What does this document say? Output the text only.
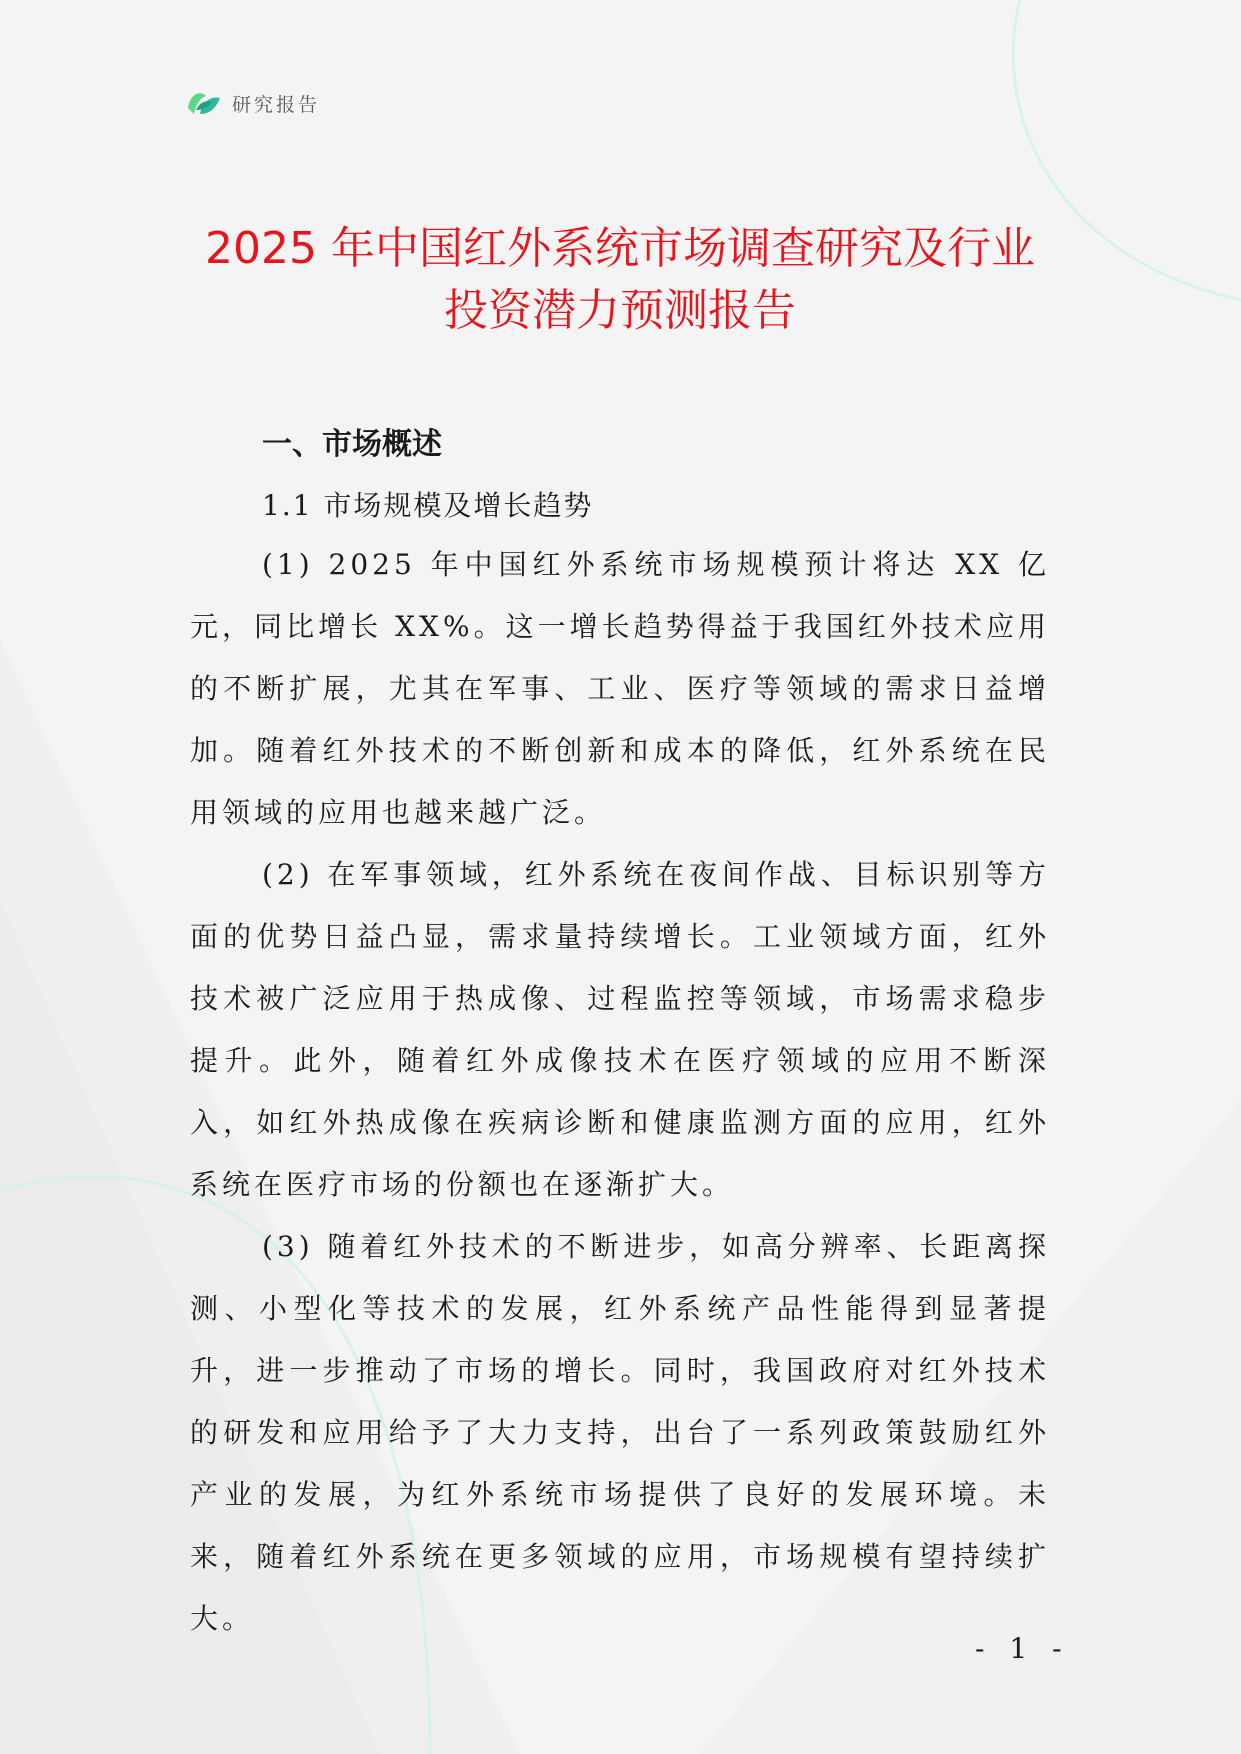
研究报告
2025 年中国红外系统市场调查研究及行业
投资潜力预测报告
一、市场概述
1.1 市场规模及增长趋势

(1) 2025 年中国红外系统市场规模预计将达 XX 亿元，同比增长 XX%。这一增长趋势得益于我国红外技术应用的不断扩展，尤其在军事、工业、医疗等领域的需求日益增加。随着红外技术的不断创新和成本的降低，红外系统在民用领域的应用也越来越广泛。

(2) 在军事领域，红外系统在夜间作战、目标识别等方面的优势日益凸显，需求量持续增长。工业领域方面，红外技术被广泛应用于热成像、过程监控等领域，市场需求稳步提升。此外，随着红外成像技术在医疗领域的应用不断深入，如红外热成像在疾病诊断和健康监测方面的应用，红外系统在医疗市场的份额也在逐渐扩大。

(3) 随着红外技术的不断进步，如高分辨率、长距离探测、小型化等技术的发展，红外系统产品性能得到显著提升，进一步推动了市场的增长。同时，我国政府对红外技术的研发和应用给予了大力支持，出台了一系列政策鼓励红外产业的发展，为红外系统市场提供了良好的发展环境。未来，随着红外系统在更多领域的应用，市场规模有望持续扩大。

- 1 -
